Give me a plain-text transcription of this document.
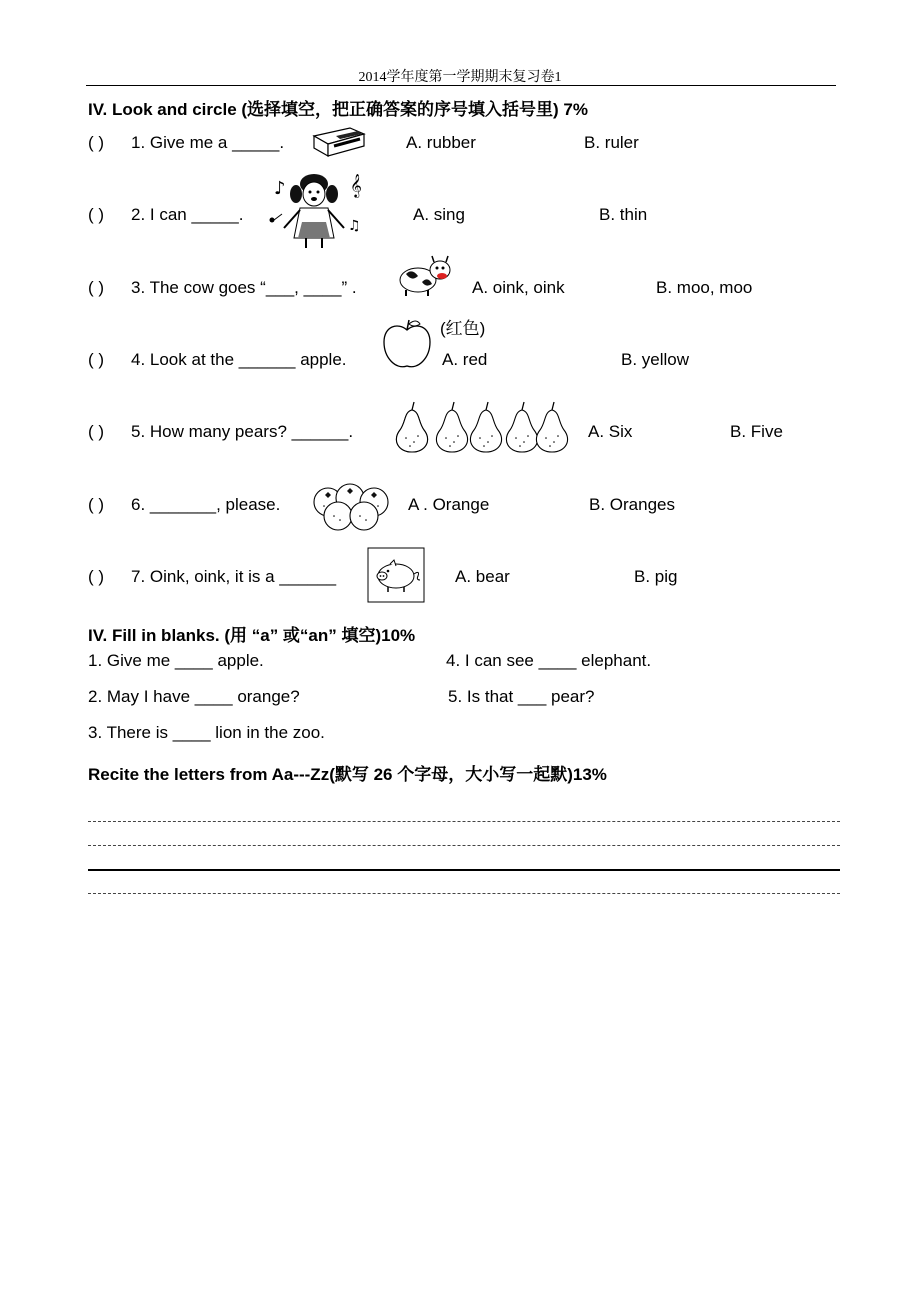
2014学年度第一学期期末复习卷1
IV. Look and circle (选择填空，把正确答案的序号填入括号里) 7%
( ) 1. Give me a _____.	A. rubber	B. ruler
( ) 2. I can _____.
♪	𝄞
♫
A. sing	B. thin
( ) 3. The cow goes “___, ____” .	A. oink, oink	B. moo, moo
( ) 4. Look at the ______ apple.
(红色)
A. red	B. yellow
( ) 5. How many pears? ______.	A. Six	B. Five
( ) 6. _______, please.	A . Orange	B. Oranges
( ) 7. Oink, oink, it is a ______	A. bear	B. pig
IV. Fill in blanks. (用 “a” 或“an” 填空)10%
1. Give me ____ apple.	4. I can see ____ elephant.
2. May I have ____ orange?	5. Is that ___ pear?
3. There is ____ lion in the zoo.
Recite the letters from Aa---Zz(默写 26 个字母，大小写一起默)13%
